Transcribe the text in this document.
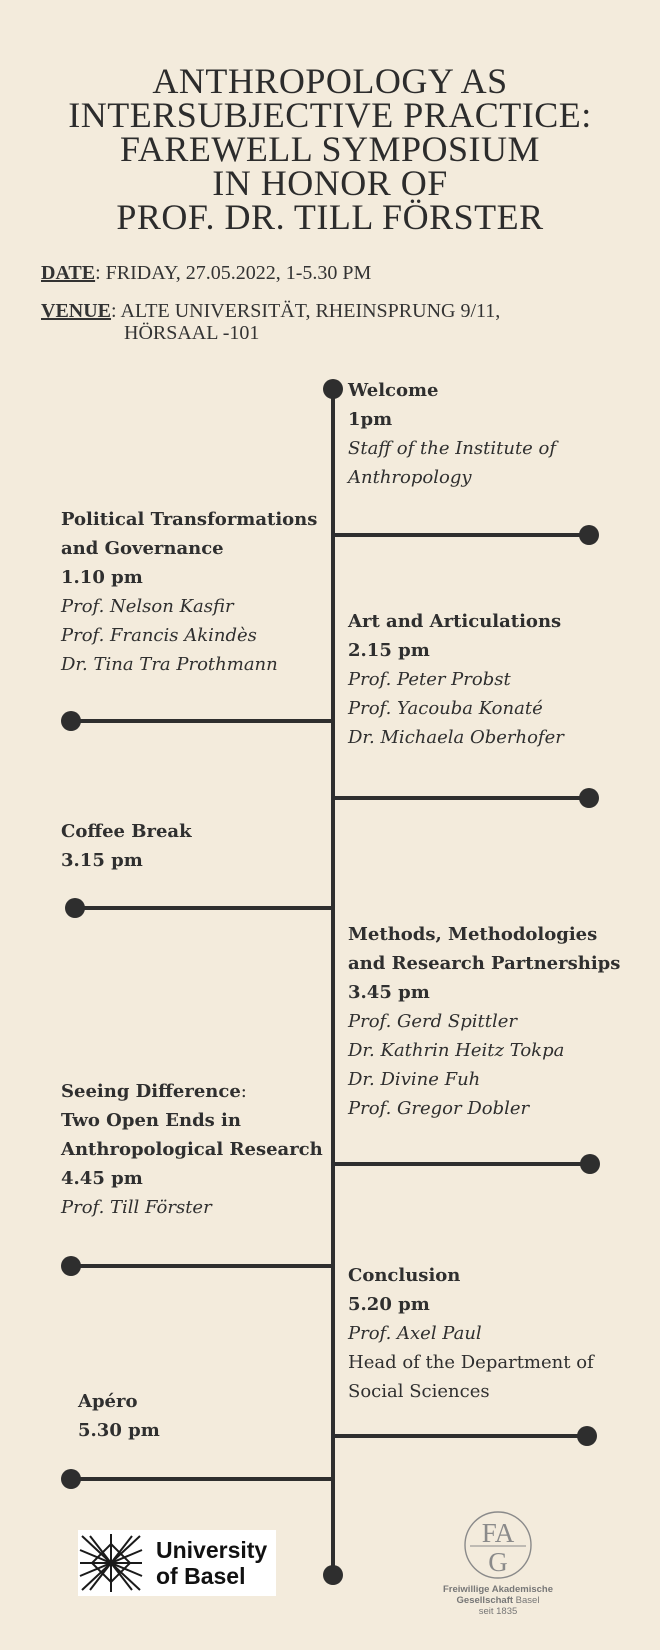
ANTHROPOLOGY AS
INTERSUBJECTIVE PRACTICE:
FAREWELL SYMPOSIUM
IN HONOR OF
PROF. DR. TILL FÖRSTER
DATE: FRIDAY, 27.05.2022, 1-5.30 PM
VENUE: ALTE UNIVERSITÄT, RHEINSPRUNG 9/11,
HÖRSAAL -101
Welcome
1pm
Staff of the Institute of
Anthropology
Political Transformations
and Governance
1.10 pm
Prof. Nelson Kasfir
Prof. Francis Akindès
Dr. Tina Tra Prothmann
Art and Articulations
2.15 pm
Prof. Peter Probst
Prof. Yacouba Konaté
Dr. Michaela Oberhofer
Coffee Break
3.15 pm
Methods, Methodologies
and Research Partnerships
3.45 pm
Prof. Gerd Spittler
Dr. Kathrin Heitz Tokpa
Dr. Divine Fuh
Prof. Gregor Dobler
Seeing Difference:
Two Open Ends in
Anthropological Research
4.45 pm
Prof. Till Förster
Conclusion
5.20 pm
Prof. Axel Paul
Head of the Department of
Social Sciences
Apéro
5.30 pm
University
of Basel
FA
G
Freiwillige Akademische
Gesellschaft Basel
seit 1835
